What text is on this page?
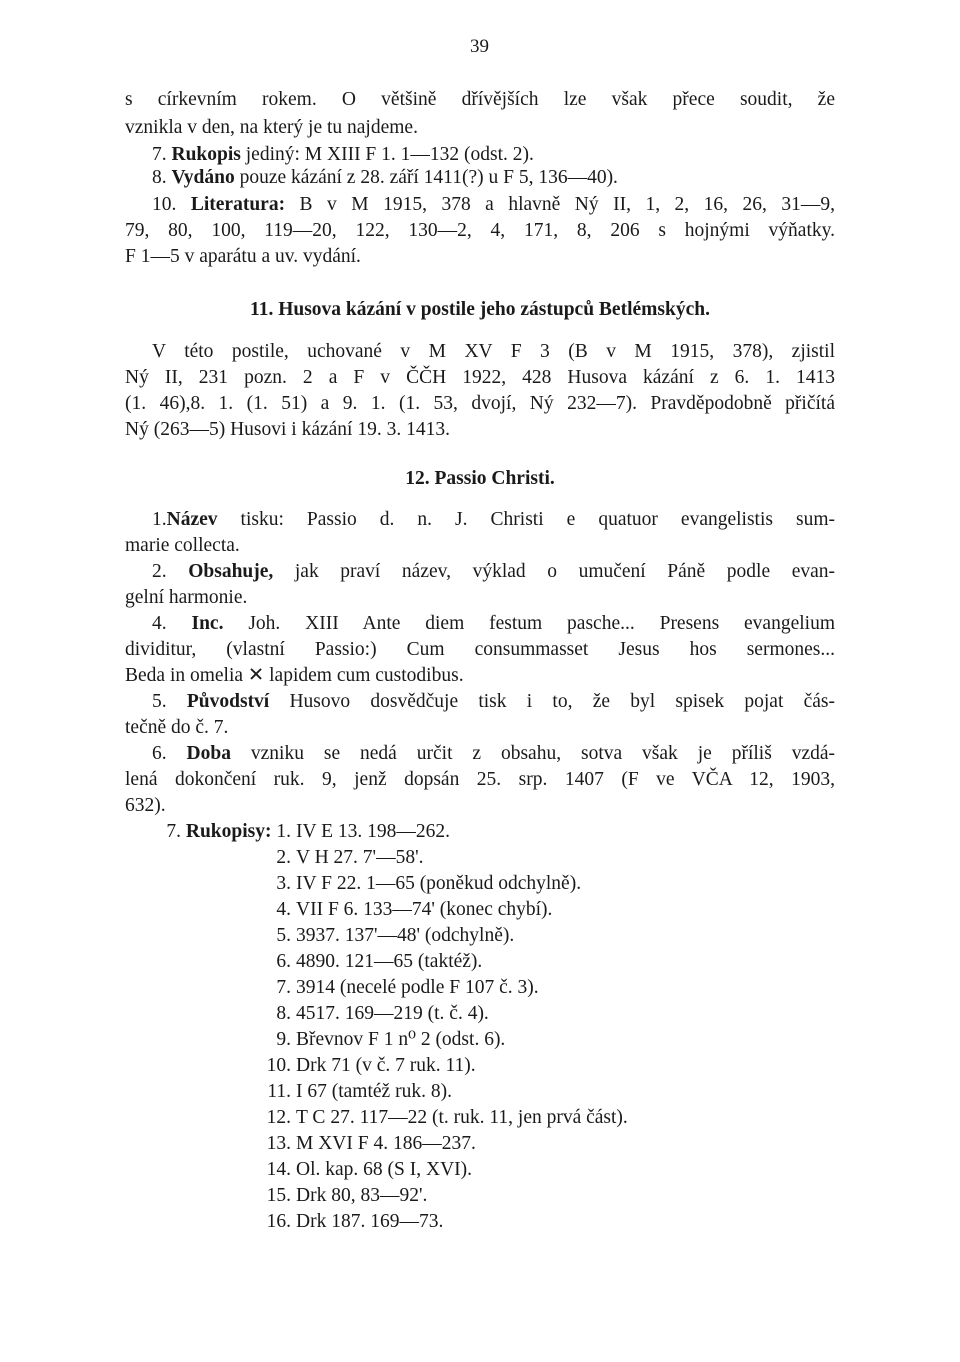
39
s církevním rokem. O většině dřívějších lze však přece soudit, že
vznikla v den, na který je tu najdeme.
7. Rukopis jediný: M XIII F 1. 1—132 (odst. 2).
8. Vydáno pouze kázání z 28. září 1411(?) u F 5, 136—40).
10. Literatura: B v M 1915, 378 a hlavně Ný II, 1, 2, 16, 26, 31—9,
79, 80, 100, 119—20, 122, 130—2, 4, 171, 8, 206 s hojnými výňatky.
F 1—5 v aparátu a uv. vydání.
11. Husova kázání v postile jeho zástupců Betlémských.
V této postile, uchované v M XV F 3 (B v M 1915, 378), zjistil
Ný II, 231 pozn. 2 a F v ČČH 1922, 428 Husova kázání z 6. 1. 1413
(1. 46),8. 1. (1. 51) a 9. 1. (1. 53, dvojí, Ný 232—7). Pravděpodobně přičítá
Ný (263—5) Husovi i kázání 19. 3. 1413.
12. Passio Christi.
1.Název tisku: Passio d. n. J. Christi e quatuor evangelistis sum-
marie collecta.
2. Obsahuje, jak praví název, výklad o umučení Páně podle evan-
gelní harmonie.
4. Inc. Joh. XIII Ante diem festum pasche... Presens evangelium
dividitur, (vlastní Passio:) Cum consummasset Jesus hos sermones...
Beda in omelia ✕ lapidem cum custodibus.
5. Původství Husovo dosvědčuje tisk i to, že byl spisek pojat čás-
tečně do č. 7.
6. Doba vzniku se nedá určit z obsahu, sotva však je příliš vzdá-
lená dokončení ruk. 9, jenž dopsán 25. srp. 1407 (F ve VČA 12, 1903,
632).
7. Rukopisy: 1. IV E 13. 198—262.
2. V H 27. 7'—58'.
3. IV F 22. 1—65 (poněkud odchylně).
4. VII F 6. 133—74' (konec chybí).
5. 3937. 137'—48' (odchylně).
6. 4890. 121—65 (taktéž).
7. 3914 (necelé podle F 107 č. 3).
8. 4517. 169—219 (t. č. 4).
9. Břevnov F 1 n⁰ 2 (odst. 6).
10. Drk 71 (v č. 7 ruk. 11).
11. I 67 (tamtéž ruk. 8).
12. T C 27. 117—22 (t. ruk. 11, jen prvá část).
13. M XVI F 4. 186—237.
14. Ol. kap. 68 (S I, XVI).
15. Drk 80, 83—92'.
16. Drk 187. 169—73.
